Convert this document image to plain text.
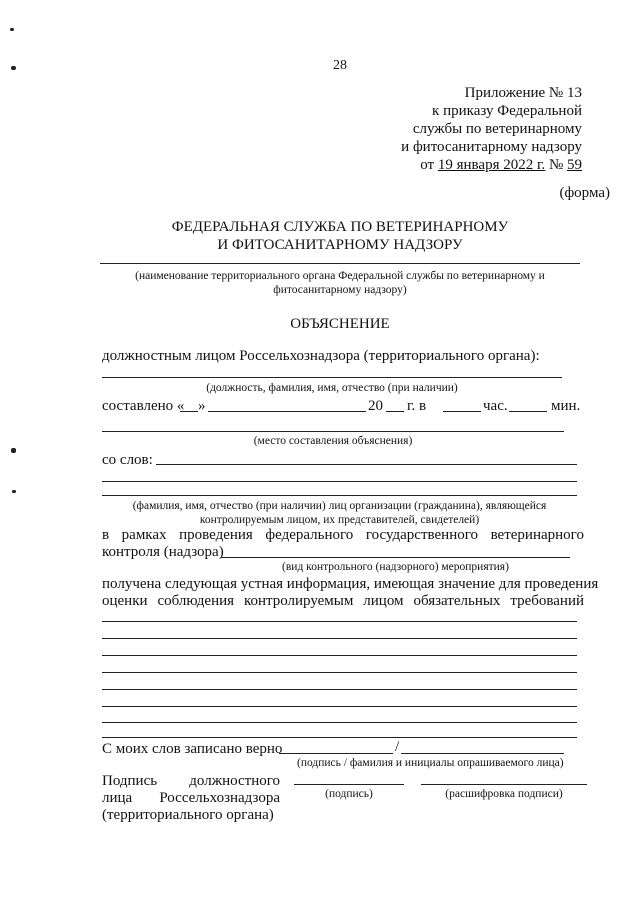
28
Приложение № 13
к приказу Федеральной
службы по ветеринарному
и фитосанитарному надзору
от 19 января 2022 г. № 59
(форма)
ФЕДЕРАЛЬНАЯ СЛУЖБА ПО ВЕТЕРИНАРНОМУ
И ФИТОСАНИТАРНОМУ НАДЗОРУ
(наименование территориального органа Федеральной службы по ветеринарному и
фитосанитарному надзору)
ОБЪЯСНЕНИЕ
должностным лицом Россельхознадзора (территориального органа):
(должность, фамилия, имя, отчество (при наличии)
составлено « »	20 г. в	час.	мин.
(место составления объяснения)
со слов:
(фамилия, имя, отчество (при наличии) лиц организации (гражданина), являющейся
контролируемым лицом, их представителей, свидетелей)
в рамках проведения федерального государственного ветеринарного
контроля (надзора)
(вид контрольного (надзорного) мероприятия)
получена следующая устная информация, имеющая значение для проведения
оценки соблюдения контролируемым лицом обязательных требований
С моих слов записано верно	/
(подпись / фамилия и инициалы опрашиваемого лица)
Подпись должностного
лица Россельхознадзора
(территориального органа)
(подпись)	(расшифровка подписи)
